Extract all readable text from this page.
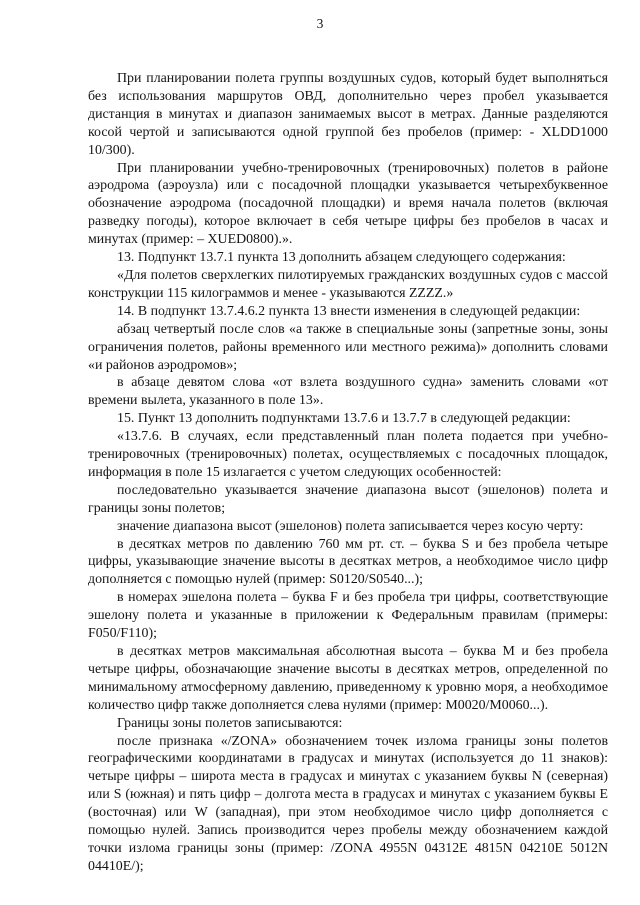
3

При планировании полета группы воздушных судов, который будет выполняться без использования маршрутов ОВД, дополнительно через пробел указывается дистанция в минутах и диапазон занимаемых высот в метрах. Данные разделяются косой чертой и записываются одной группой без пробелов (пример: - XLDD1000 10/300).

При планировании учебно-тренировочных (тренировочных) полетов в районе аэродрома (аэроузла) или с посадочной площадки указывается четырехбуквенное обозначение аэродрома (посадочной площадки) и время начала полетов (включая разведку погоды), которое включает в себя четыре цифры без пробелов в часах и минутах (пример: – XUED0800).».

13. Подпункт 13.7.1 пункта 13 дополнить абзацем следующего содержания:

«Для полетов сверхлегких пилотируемых гражданских воздушных судов с массой конструкции 115 килограммов и менее - указываются ZZZZ.»

14. В подпункт 13.7.4.6.2 пункта 13 внести изменения в следующей редакции:

абзац четвертый после слов «а также в специальные зоны (запретные зоны, зоны ограничения полетов, районы временного или местного режима)» дополнить словами «и районов аэродромов»;

в абзаце девятом слова «от взлета воздушного судна» заменить словами «от времени вылета, указанного в поле 13».

15. Пункт 13 дополнить подпунктами 13.7.6 и 13.7.7 в следующей редакции:

«13.7.6. В случаях, если представленный план полета подается при учебно-тренировочных (тренировочных) полетах, осуществляемых с посадочных площадок, информация в поле 15 излагается с учетом следующих особенностей:

последовательно указывается значение диапазона высот (эшелонов) полета и границы зоны полетов;

значение диапазона высот (эшелонов) полета записывается через косую черту:

в десятках метров по давлению 760 мм рт. ст. – буква S и без пробела четыре цифры, указывающие значение высоты в десятках метров, а необходимое число цифр дополняется с помощью нулей (пример: S0120/S0540...);

в номерах эшелона полета – буква F и без пробела три цифры, соответствующие эшелону полета и указанные в приложении к Федеральным правилам (примеры: F050/F110);

в десятках метров максимальная абсолютная высота – буква M и без пробела четыре цифры, обозначающие значение высоты в десятках метров, определенной по минимальному атмосферному давлению, приведенному к уровню моря, а необходимое количество цифр также дополняется слева нулями (пример: M0020/M0060...).

Границы зоны полетов записываются:

после признака «/ZONA» обозначением точек излома границы зоны полетов географическими координатами в градусах и минутах (используется до 11 знаков): четыре цифры – широта места в градусах и минутах с указанием буквы N (северная) или S (южная) и пять цифр – долгота места в градусах и минутах с указанием буквы E (восточная) или W (западная), при этом необходимое число цифр дополняется с помощью нулей. Запись производится через пробелы между обозначением каждой точки излома границы зоны (пример: /ZONA 4955N 04312E 4815N 04210E 5012N 04410E/);
